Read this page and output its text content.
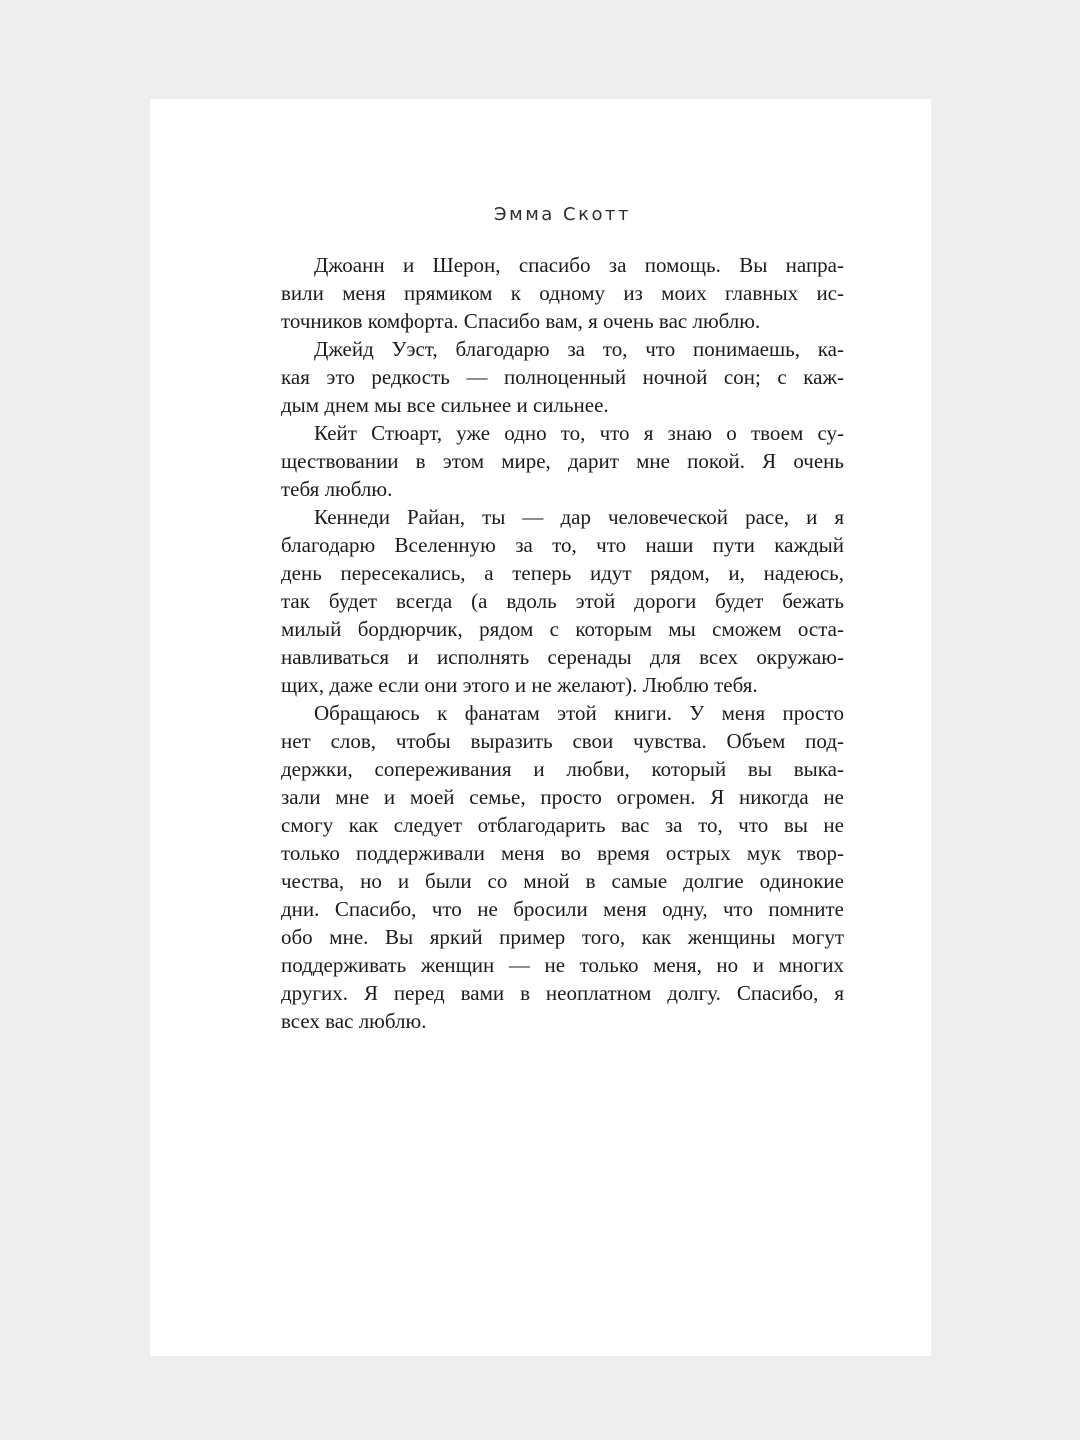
Эмма Скотт
Джоанн и Шерон, спасибо за помощь. Вы напра-
вили меня прямиком к одному из моих главных ис-
точников комфорта. Спасибо вам, я очень вас люблю.
Джейд Уэст, благодарю за то, что понимаешь, ка-
кая это редкость — полноценный ночной сон; с каж-
дым днем мы все сильнее и сильнее.
Кейт Стюарт, уже одно то, что я знаю о твоем су-
ществовании в этом мире, дарит мне покой. Я очень
тебя люблю.
Кеннеди Райан, ты — дар человеческой расе, и я
благодарю Вселенную за то, что наши пути каждый
день пересекались, а теперь идут рядом, и, надеюсь,
так будет всегда (а вдоль этой дороги будет бежать
милый бордюрчик, рядом с которым мы сможем оста-
навливаться и исполнять серенады для всех окружаю-
щих, даже если они этого и не желают). Люблю тебя.
Обращаюсь к фанатам этой книги. У меня просто
нет слов, чтобы выразить свои чувства. Объем под-
держки, сопереживания и любви, который вы выка-
зали мне и моей семье, просто огромен. Я никогда не
смогу как следует отблагодарить вас за то, что вы не
только поддерживали меня во время острых мук твор-
чества, но и были со мной в самые долгие одинокие
дни. Спасибо, что не бросили меня одну, что помните
обо мне. Вы яркий пример того, как женщины могут
поддерживать женщин — не только меня, но и многих
других. Я перед вами в неоплатном долгу. Спасибо, я
всех вас люблю.
